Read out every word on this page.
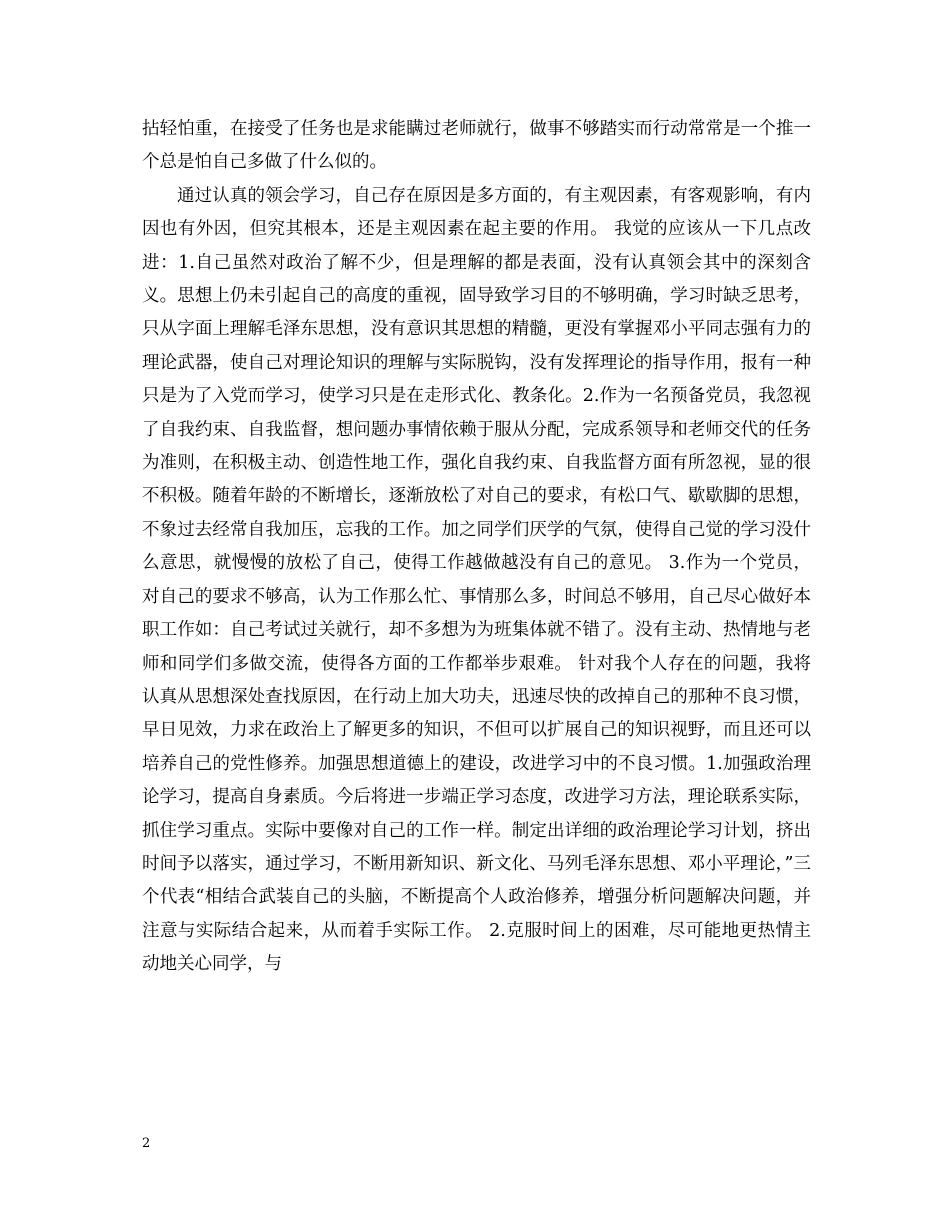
拈轻怕重，在接受了任务也是求能瞒过老师就行，做事不够踏实而行动常常是一个推一个总是怕自己多做了什么似的。

通过认真的领会学习，自己存在原因是多方面的，有主观因素，有客观影响，有内因也有外因，但究其根本，还是主观因素在起主要的作用。 我觉的应该从一下几点改进：1.自己虽然对政治了解不少，但是理解的都是表面，没有认真领会其中的深刻含义。思想上仍未引起自己的高度的重视，固导致学习目的不够明确，学习时缺乏思考，只从字面上理解毛泽东思想，没有意识其思想的精髓，更没有掌握邓小平同志强有力的理论武器，使自己对理论知识的理解与实际脱钩，没有发挥理论的指导作用，报有一种只是为了入党而学习，使学习只是在走形式化、教条化。2.作为一名预备党员，我忽视了自我约束、自我监督，想问题办事情依赖于服从分配，完成系领导和老师交代的任务为准则，在积极主动、创造性地工作，强化自我约束、自我监督方面有所忽视，显的很不积极。随着年龄的不断增长，逐渐放松了对自己的要求，有松口气、歇歇脚的思想，不象过去经常自我加压，忘我的工作。加之同学们厌学的气氛，使得自己觉的学习没什么意思，就慢慢的放松了自己，使得工作越做越没有自己的意见。 3.作为一个党员，对自己的要求不够高，认为工作那么忙、事情那么多，时间总不够用，自己尽心做好本职工作如：自己考试过关就行，却不多想为为班集体就不错了。没有主动、热情地与老师和同学们多做交流，使得各方面的工作都举步艰难。 针对我个人存在的问题，我将认真从思想深处查找原因，在行动上加大功夫，迅速尽快的改掉自己的那种不良习惯，早日见效，力求在政治上了解更多的知识，不但可以扩展自己的知识视野，而且还可以培养自己的党性修养。加强思想道德上的建设，改进学习中的不良习惯。1.加强政治理论学习，提高自身素质。今后将进一步端正学习态度，改进学习方法，理论联系实际，抓住学习重点。实际中要像对自己的工作一样。制定出详细的政治理论学习计划，挤出时间予以落实，通过学习，不断用新知识、新文化、马列毛泽东思想、邓小平理论，”三个代表“相结合武装自己的头脑，不断提高个人政治修养，增强分析问题解决问题，并注意与实际结合起来，从而着手实际工作。 2.克服时间上的困难，尽可能地更热情主动地关心同学，与

2
